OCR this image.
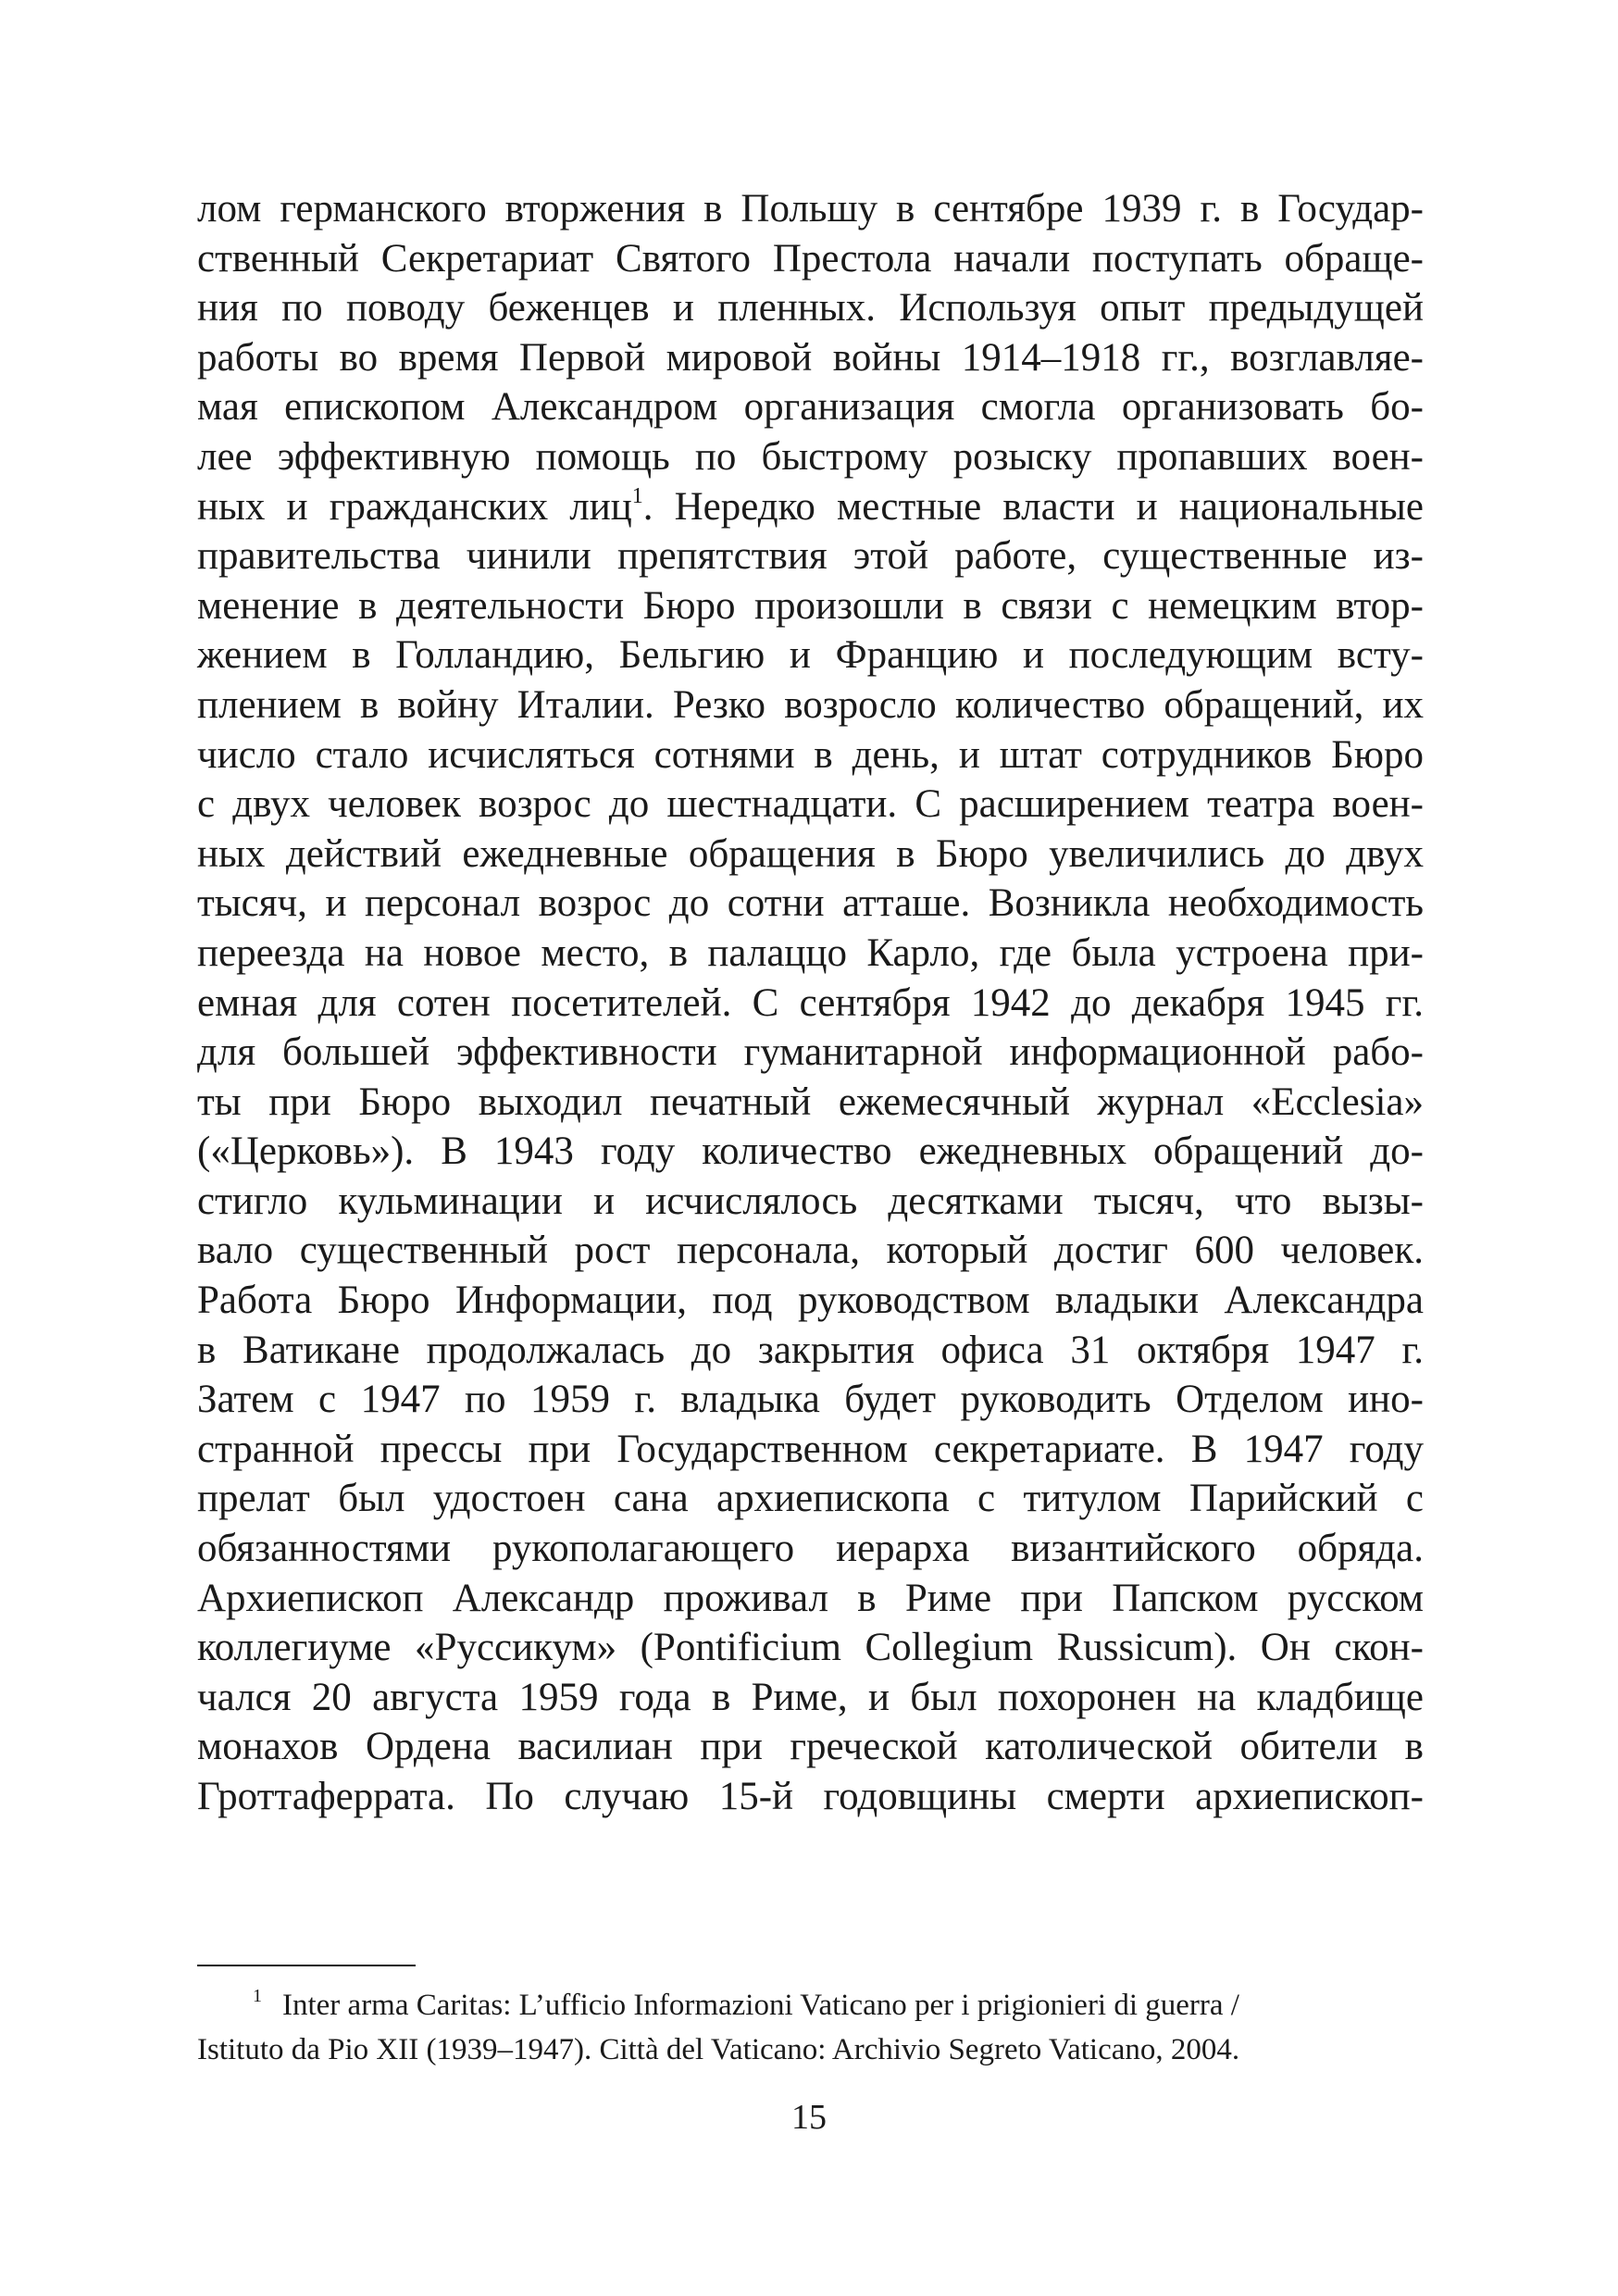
лом германского вторжения в Польшу в сентябре 1939 г. в Государ-
ственный Секретариат Святого Престола начали поступать обраще-
ния по поводу беженцев и пленных. Используя опыт предыдущей
работы во время Первой мировой войны 1914–1918 гг., возглавляе-
мая епископом Александром организация смогла организовать бо-
лее эффективную помощь по быстрому розыску пропавших воен-
ных и гражданских лиц$^1$. Нередко местные власти и национальные
правительства чинили препятствия этой работе, существенные из-
менение в деятельности Бюро произошли в связи с немецким втор-
жением в Голландию, Бельгию и Францию и последующим всту-
плением в войну Италии. Резко возросло количество обращений, их
число стало исчисляться сотнями в день, и штат сотрудников Бюро
с двух человек возрос до шестнадцати. С расширением театра воен-
ных действий ежедневные обращения в Бюро увеличились до двух
тысяч, и персонал возрос до сотни атташе. Возникла необходимость
переезда на новое место, в палаццо Карло, где была устроена при-
емная для сотен посетителей. С сентября 1942 до декабря 1945 гг.
для большей эффективности гуманитарной информационной рабо-
ты при Бюро выходил печатный ежемесячный журнал «Ecclesia»
(«Церковь»). В 1943 году количество ежедневных обращений до-
стигло кульминации и исчислялось десятками тысяч, что вызы-
вало существенный рост персонала, который достиг 600 человек.
Работа Бюро Информации, под руководством владыки Александра
в Ватикане продолжалась до закрытия офиса 31 октября 1947 г.
Затем с 1947 по 1959 г. владыка будет руководить Отделом ино-
странной прессы при Государственном секретариате. В 1947 году
прелат был удостоен сана архиепископа с титулом Парийский с
обязанностями рукополагающего иерарха византийского обряда.
Архиепископ Александр проживал в Риме при Папском русском
коллегиуме «Руссикум» (Pontificium Collegium Russicum). Он скон-
чался 20 августа 1959 года в Риме, и был похоронен на кладбище
монахов Ордена василиан при греческой католической обители в
Гроттаферрата. По случаю 15-й годовщины смерти архиепископ-
$^1$ Inter arma Caritas: L’ufficio Informazioni Vaticano per i prigionieri di guerra /
Istituto da Pio XII (1939–1947). Città del Vaticano: Archivio Segreto Vaticano, 2004.
15
